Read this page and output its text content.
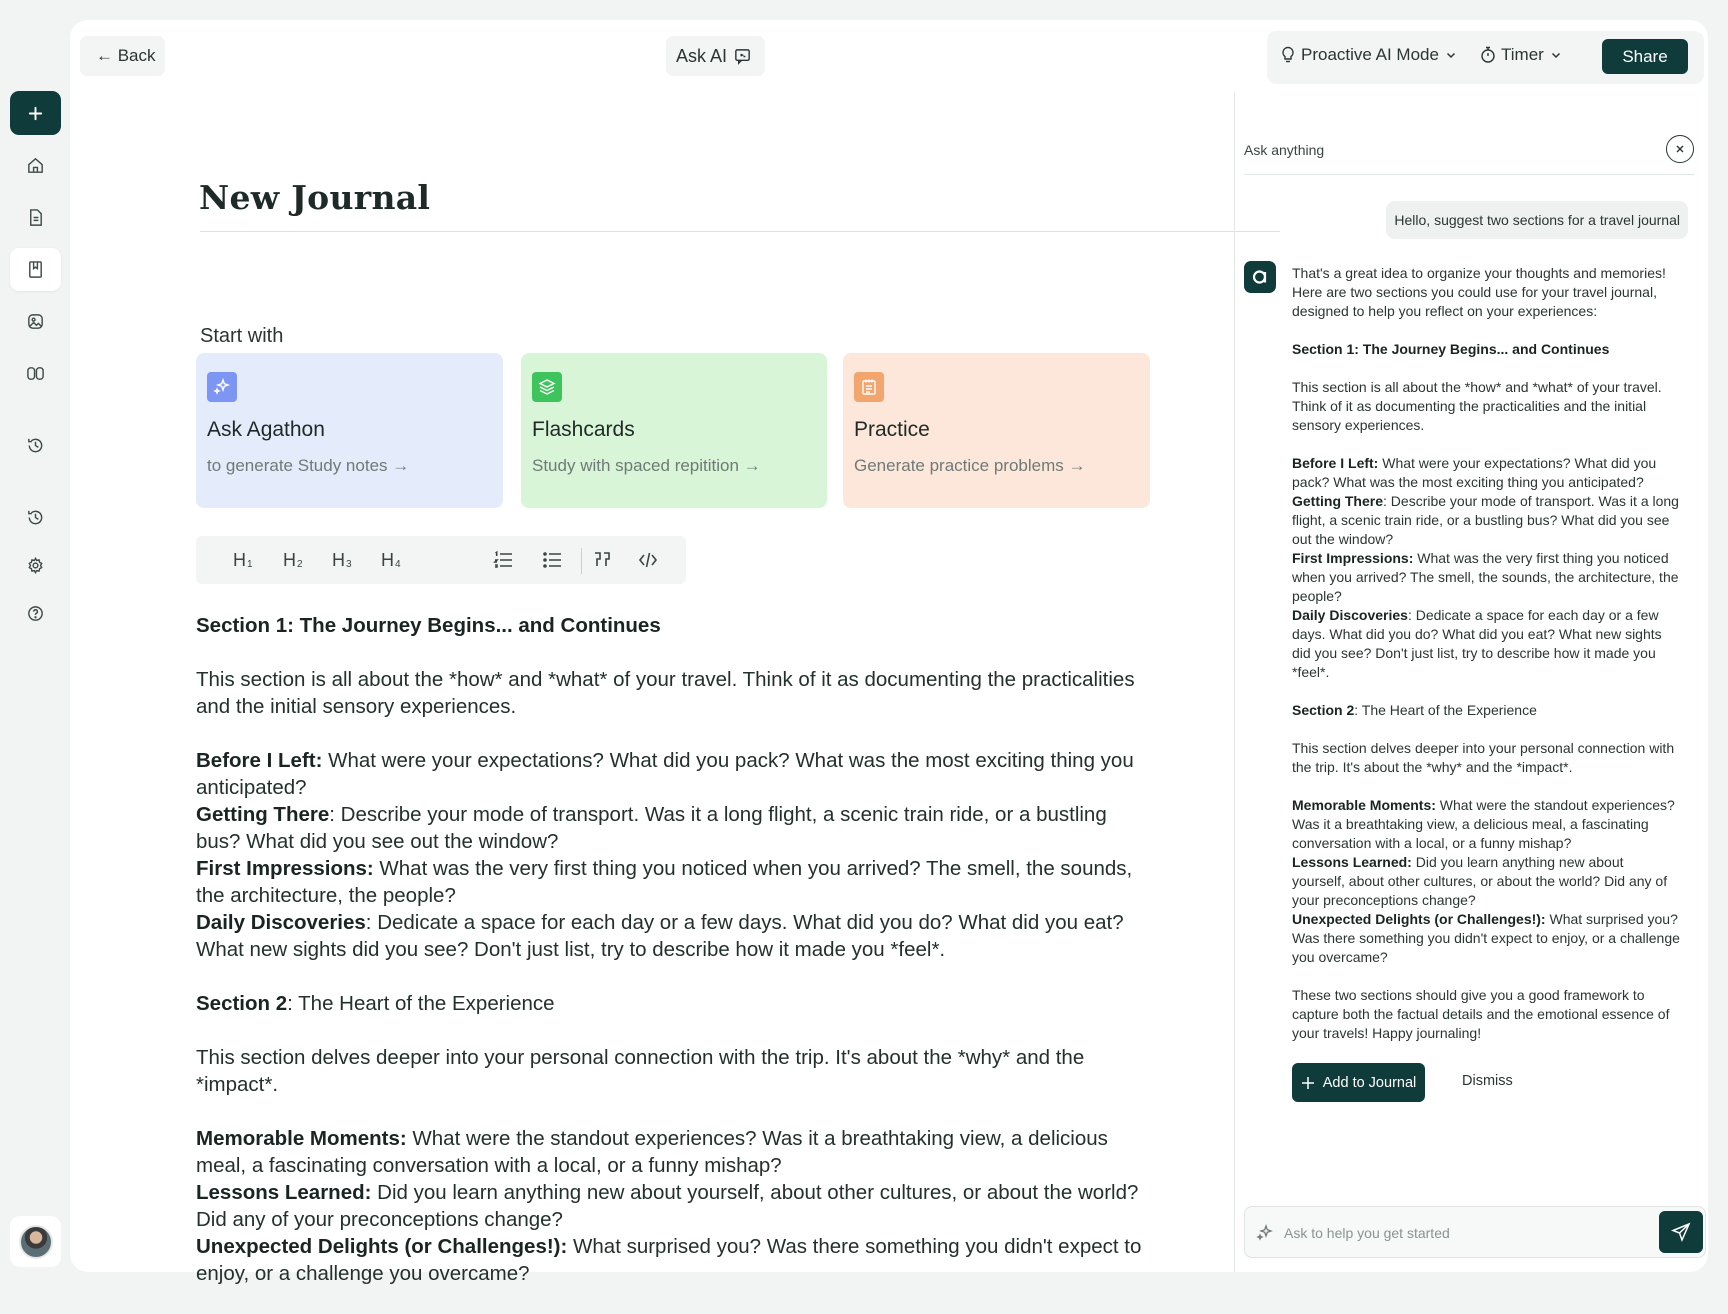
← Back	Ask AI	Proactive AI Mode	Timer	Share
New Journal
Start with
Ask Agathon
to generate Study notes →
Flashcards
Study with spaced repitition →
Practice
Generate practice problems →
$H_1$ $H_2$ $H_3$ $H_4$

Section 1: The Journey Begins... and Continues

This section is all about the *how* and *what* of your travel. Think of it as documenting the practicalities and the initial sensory experiences.

Before I Left: What were your expectations? What did you pack? What was the most exciting thing you anticipated?
Getting There: Describe your mode of transport. Was it a long flight, a scenic train ride, or a bustling bus? What did you see out the window?
First Impressions: What was the very first thing you noticed when you arrived? The smell, the sounds, the architecture, the people?
Daily Discoveries: Dedicate a space for each day or a few days. What did you do? What did you eat? What new sights did you see? Don't just list, try to describe how it made you *feel*.

Section 2: The Heart of the Experience

This section delves deeper into your personal connection with the trip. It's about the *why* and the *impact*.

Memorable Moments: What were the standout experiences? Was it a breathtaking view, a delicious meal, a fascinating conversation with a local, or a funny mishap?
Lessons Learned: Did you learn anything new about yourself, about other cultures, or about the world? Did any of your preconceptions change?
Unexpected Delights (or Challenges!): What surprised you? Was there something you didn't expect to enjoy, or a challenge you overcame?

Ask anything
Hello, suggest two sections for a travel journal

That's a great idea to organize your thoughts and memories! Here are two sections you could use for your travel journal, designed to help you reflect on your experiences:

Section 1: The Journey Begins... and Continues

This section is all about the *how* and *what* of your travel. Think of it as documenting the practicalities and the initial sensory experiences.

Before I Left: What were your expectations? What did you pack? What was the most exciting thing you anticipated?
Getting There: Describe your mode of transport. Was it a long flight, a scenic train ride, or a bustling bus? What did you see out the window?
First Impressions: What was the very first thing you noticed when you arrived? The smell, the sounds, the architecture, the people?
Daily Discoveries: Dedicate a space for each day or a few days. What did you do? What did you eat? What new sights did you see? Don't just list, try to describe how it made you *feel*.

Section 2: The Heart of the Experience

This section delves deeper into your personal connection with the trip. It's about the *why* and the *impact*.

Memorable Moments: What were the standout experiences? Was it a breathtaking view, a delicious meal, a fascinating conversation with a local, or a funny mishap?
Lessons Learned: Did you learn anything new about yourself, about other cultures, or about the world? Did any of your preconceptions change?
Unexpected Delights (or Challenges!): What surprised you? Was there something you didn't expect to enjoy, or a challenge you overcame?

These two sections should give you a good framework to capture both the factual details and the emotional essence of your travels! Happy journaling!

Add to Journal	Dismiss
Ask to help you get started
